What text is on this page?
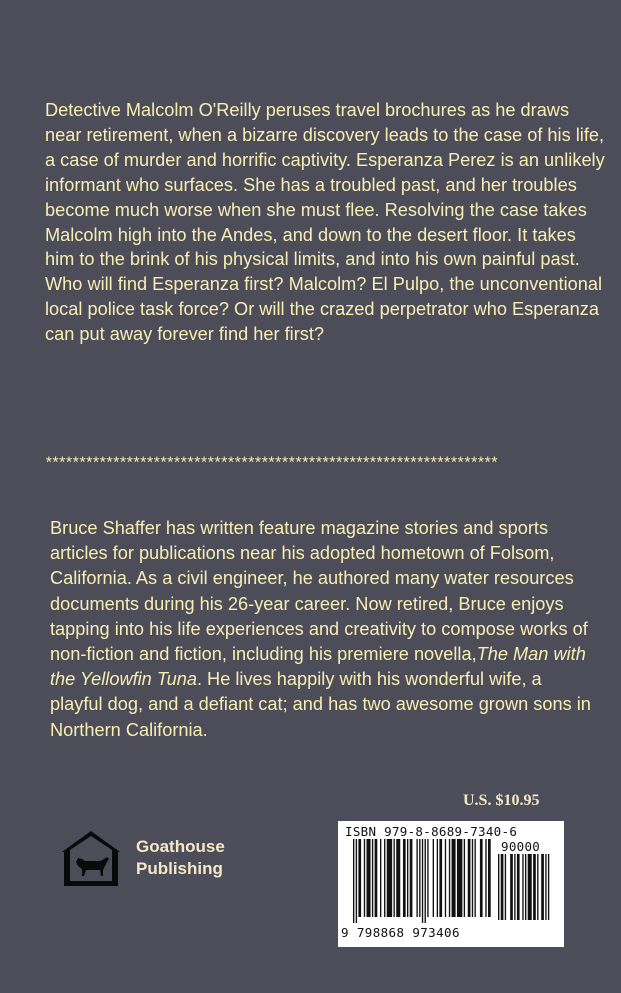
Detective Malcolm O'Reilly peruses travel brochures as he draws near retirement, when a bizarre discovery leads to the case of his life, a case of murder and horrific captivity. Esperanza Perez is an unlikely informant who surfaces. She has a troubled past, and her troubles become much worse when she must flee. Resolving the case takes Malcolm high into the Andes, and down to the desert floor. It takes him to the brink of his physical limits, and into his own painful past. Who will find Esperanza first? Malcolm? El Pulpo, the unconventional local police task force? Or will the crazed perpetrator who Esperanza can put away forever find her first?

*******************************************************************

Bruce Shaffer has written feature magazine stories and sports articles for publications near his adopted hometown of Folsom, California. As a civil engineer, he authored many water resources documents during his 26-year career. Now retired, Bruce enjoys tapping into his life experiences and creativity to compose works of non-fiction and fiction, including his premiere novella,The Man with the Yellowfin Tuna. He lives happily with his wonderful wife, a playful dog, and a defiant cat; and has two awesome grown sons in Northern California.

U.S. $10.95
Goathouse
Publishing
ISBN 979-8-8689-7340-6
90000
9 798868 973406
